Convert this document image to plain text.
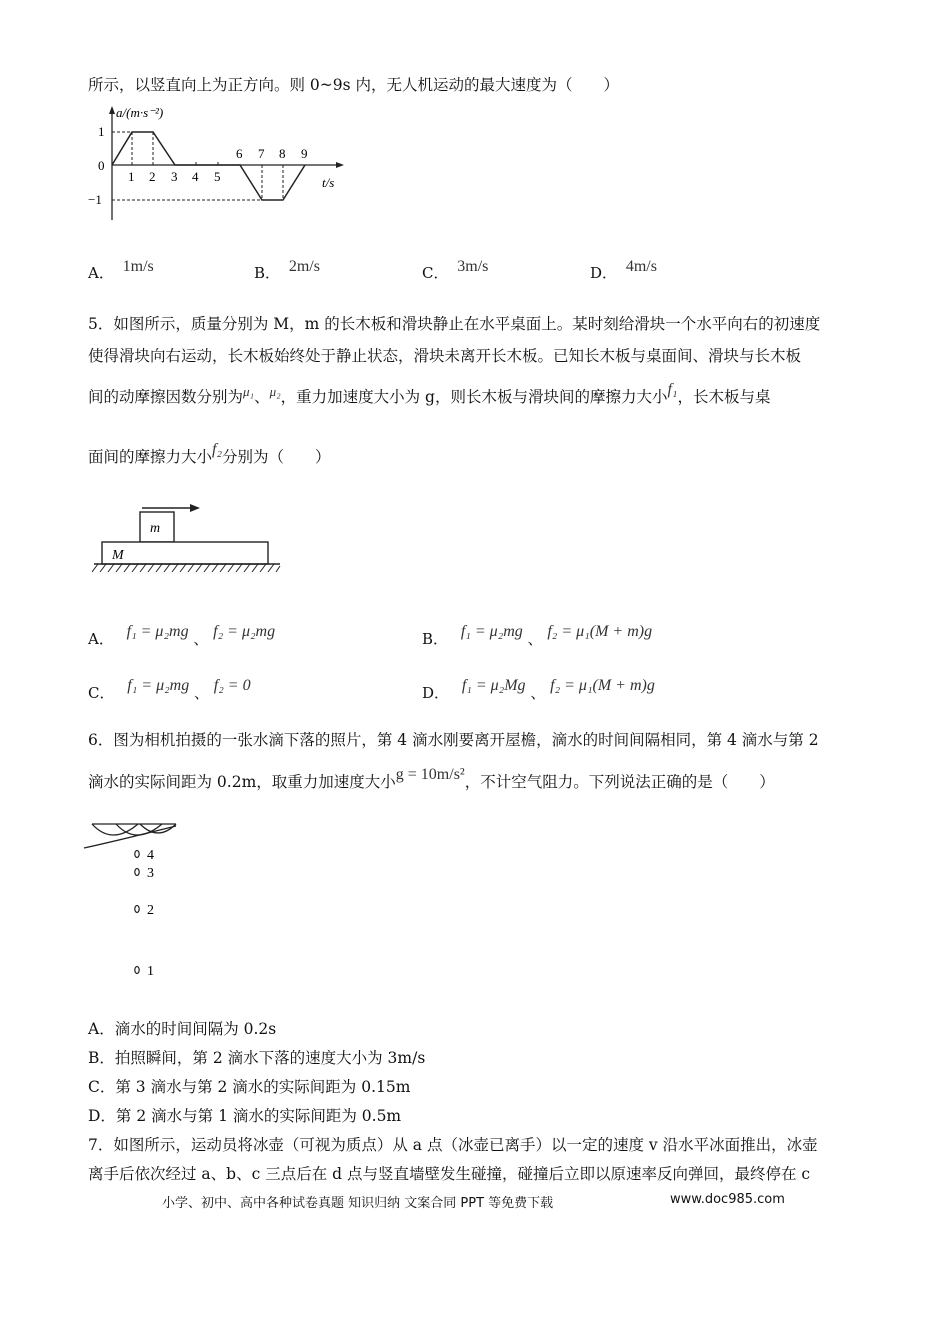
所示，以竖直向上为正方向。则 0~9s 内，无人机运动的最大速度为（　　）
a/(m·s⁻²)
1
0
−1
1 2 3 4 5
6 7 8 9
t/s
A． 1m/s	B． 2m/s	C． 3m/s	D． 4m/s
5．如图所示，质量分别为 M，m 的长木板和滑块静止在水平桌面上。某时刻给滑块一个水平向右的初速度
使得滑块向右运动，长木板始终处于静止状态，滑块未离开长木板。已知长木板与桌面间、滑块与长木板
间的动摩擦因数分别为$^{\mu_1}$、$^{\mu_2}$，重力加速度大小为 g，则长木板与滑块间的摩擦力大小f₁，长木板与桌
面间的摩擦力大小f₂分别为（　　）
m
M
A． f₁ = μ₂mg 、 f₂ = μ₂mg	B． f₁ = μ₂mg 、 f₂ = μ₁(M + m)g
C． f₁ = μ₂mg 、 f₂ = 0	D． f₁ = μ₂Mg 、 f₂ = μ₁(M + m)g
6．图为相机拍摄的一张水滴下落的照片，第 4 滴水刚要离开屋檐，滴水的时间间隔相同，第 4 滴水与第 2
滴水的实际间距为 0.2m，取重力加速度大小g = 10m/s²，不计空气阻力。下列说法正确的是（　　）
4
3
2
1
A．滴水的时间间隔为 0.2s
B．拍照瞬间，第 2 滴水下落的速度大小为 3m/s
C．第 3 滴水与第 2 滴水的实际间距为 0.15m
D．第 2 滴水与第 1 滴水的实际间距为 0.5m
7．如图所示，运动员将冰壶（可视为质点）从 a 点（冰壶已离手）以一定的速度 v 沿水平冰面推出，冰壶
离手后依次经过 a、b、c 三点后在 d 点与竖直墙壁发生碰撞，碰撞后立即以原速率反向弹回，最终停在 c
小学、初中、高中各种试卷真题 知识归纳 文案合同 PPT 等免费下载	www.doc985.com
